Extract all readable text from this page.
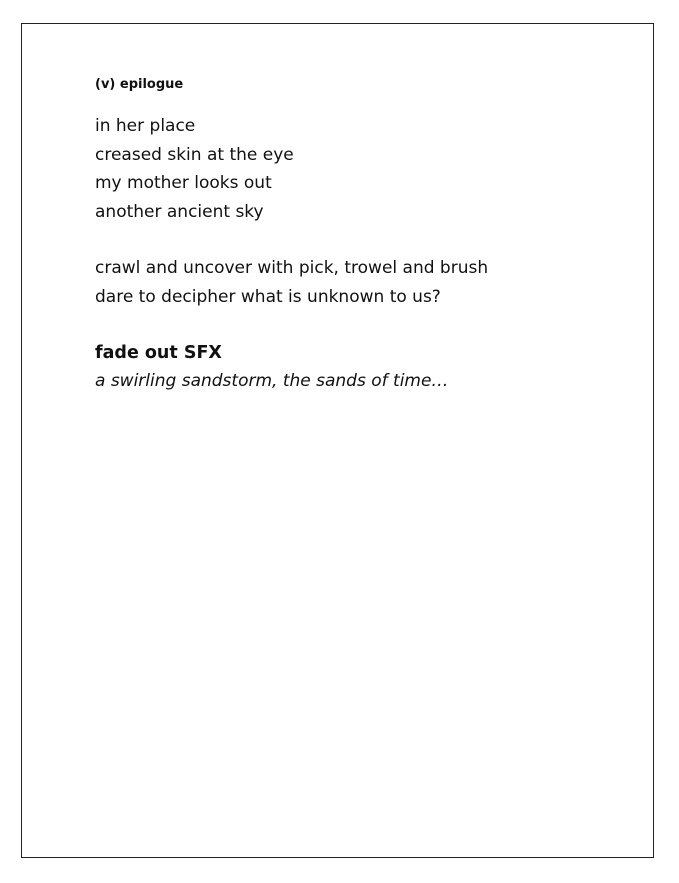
(v) epilogue
in her place
creased skin at the eye
my mother looks out
another ancient sky
crawl and uncover with pick, trowel and brush
dare to decipher what is unknown to us?
fade out SFX
a swirling sandstorm, the sands of time…
